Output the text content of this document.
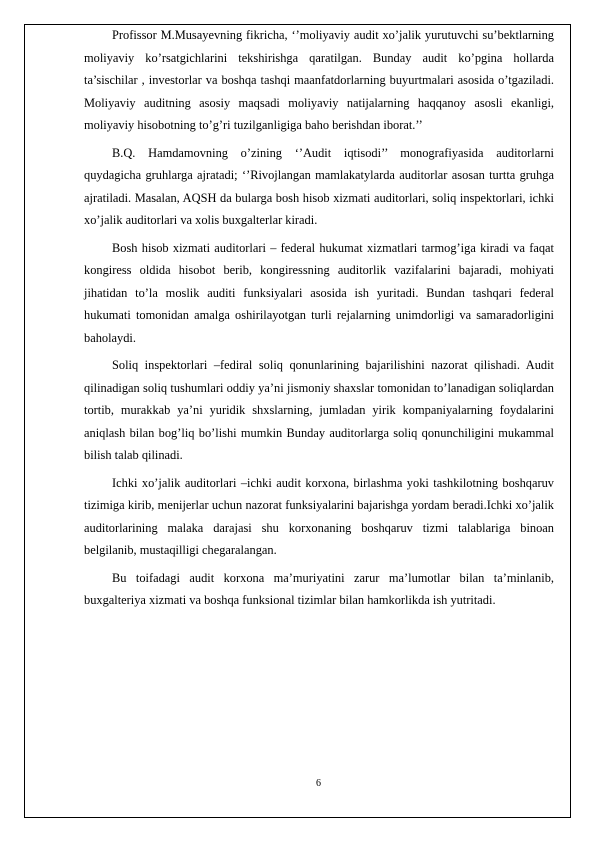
Profissor M.Musayevning fikricha, ‘’moliyaviy audit xo’jalik yurutuvchi su’bektlarning moliyaviy ko’rsatgichlarini tekshirishga qaratilgan. Bunday audit ko’pgina hollarda ta’sischilar , investorlar va boshqa tashqi maanfatdorlarning buyurtmalari asosida o’tgaziladi. Moliyaviy auditning asosiy maqsadi moliyaviy natijalarning haqqanoy asosli ekanligi, moliyaviy hisobotning to’g’ri tuzilganligiga baho berishdan iborat.’’

B.Q. Hamdamovning o’zining ‘’Audit iqtisodi’’ monografiyasida auditorlarni quydagicha gruhlarga ajratadi; ‘’Rivojlangan mamlakatylarda auditorlar asosan turtta gruhga ajratiladi. Masalan, AQSH da bularga bosh hisob xizmati auditorlari, soliq inspektorlari, ichki xo’jalik auditorlari va xolis buxgalterlar kiradi.

Bosh hisob xizmati auditorlari – federal hukumat xizmatlari tarmog’iga kiradi va faqat kongiress oldida hisobot berib, kongiressning auditorlik vazifalarini bajaradi, mohiyati jihatidan to’la moslik auditi funksiyalari asosida ish yuritadi. Bundan tashqari federal hukumati tomonidan amalga oshirilayotgan turli rejalarning unimdorligi va samaradorligini baholaydi.

Soliq inspektorlari –fediral soliq qonunlarining bajarilishini nazorat qilishadi. Audit qilinadigan soliq tushumlari oddiy ya’ni jismoniy shaxslar tomonidan to’lanadigan soliqlardan tortib, murakkab ya’ni yuridik shxslarning, jumladan yirik kompaniyalarning foydalarini aniqlash bilan bog’liq bo’lishi mumkin Bunday auditorlarga soliq qonunchiligini mukammal bilish talab qilinadi.

Ichki xo’jalik auditorlari –ichki audit korxona, birlashma yoki tashkilotning boshqaruv tizimiga kirib, menijerlar uchun nazorat funksiyalarini bajarishga yordam beradi.Ichki xo’jalik auditorlarining malaka darajasi shu korxonaning boshqaruv tizmi talablariga binoan belgilanib, mustaqilligi chegaralangan.

Bu toifadagi audit korxona ma’muriyatini zarur ma’lumotlar bilan ta’minlanib, buxgalteriya xizmati va boshqa funksional tizimlar bilan hamkorlikda ish yutritadi.

6
